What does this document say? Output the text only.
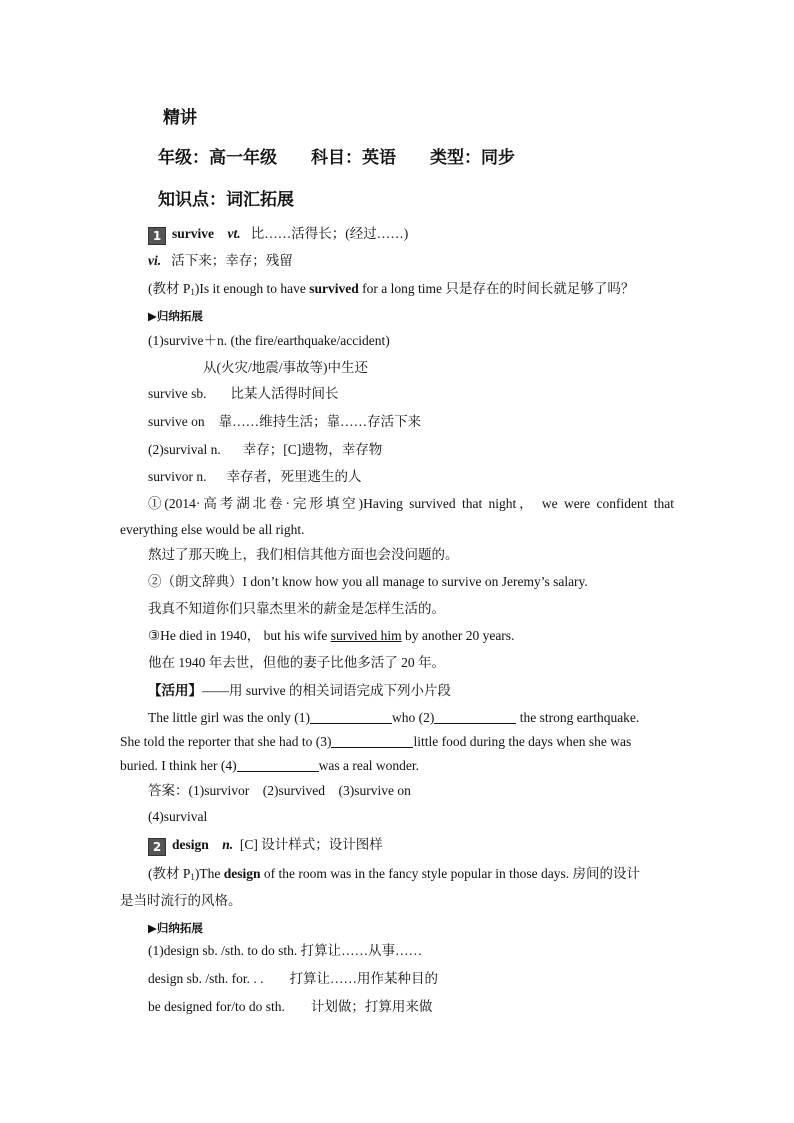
精讲
年级：高一年级　　科目：英语　　类型：同步
知识点：词汇拓展
1 survive vt. 比……活得长；(经过……)
vi. 活下来；幸存；残留
(教材 $P_1)Is$ it enough to have survived for a long time 只是存在的时间长就足够了吗？
▶归纳拓展
(1)survive＋n. (the fire/earthquake/accident)
从(火灾/地震/事故等)中生还
survive sb. 比某人活得时间长
survive on 靠……维持生活；靠……存活下来
(2)survival n. 幸存；[C]遗物，幸存物
survivor n. 幸存者，死里逃生的人
①(2014·高考湖北卷·完形填空)Having survived that night， we were confident that
everything else would be all right.
熬过了那天晚上，我们相信其他方面也会没问题的。
②（朗文辞典）I don’t know how you all manage to survive on Jeremy’s salary.
我真不知道你们只靠杰里米的薪金是怎样生活的。
③He died in 1940， but his wife survived him by another 20 years.
他在 1940 年去世，但他的妻子比他多活了 20 年。
【活用】——用 survive 的相关词语完成下列小片段
The little girl was the only (1)	who (2)	the strong earthquake.
She told the reporter that she had to (3)	little food during the days when she was
buried. I think her (4)	was a real wonder.
答案：(1)survivor　(2)survived　(3)survive on
(4)survival
2 design n. [C] 设计样式；设计图样
(教材 $P_1)The$ design of the room was in the fancy style popular in those days. 房间的设计
是当时流行的风格。
▶归纳拓展
(1)design sb. /sth. to do sth. 打算让……从事……
design sb. /sth. for. . . 打算让……用作某种目的
be designed for/to do sth. 计划做；打算用来做
